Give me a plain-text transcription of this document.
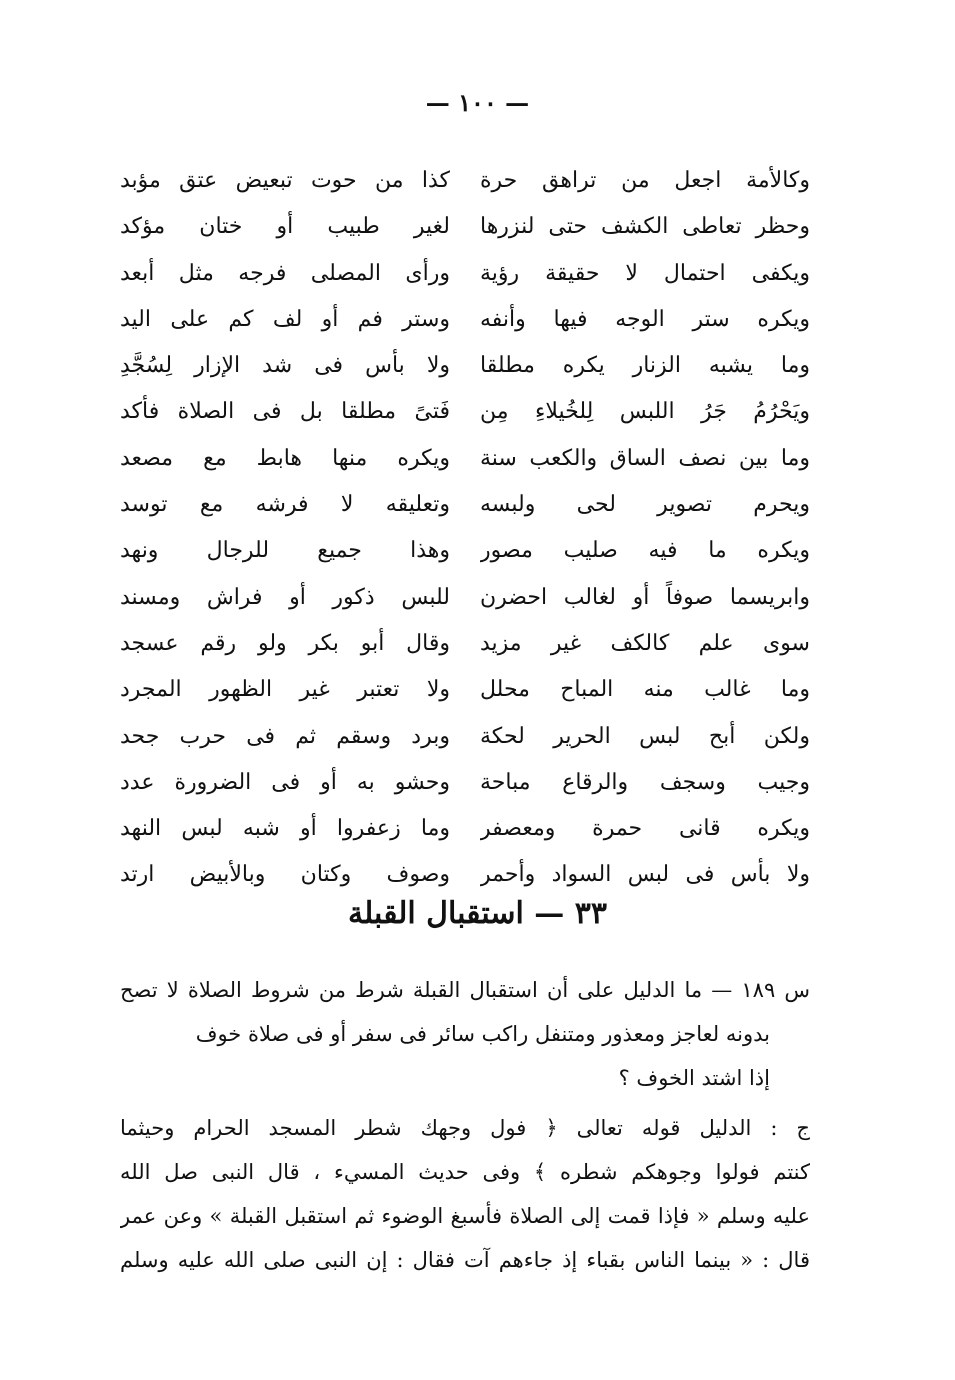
— ١٠٠ —
وكالأمة اجعل من تراهق حرة
كذا من حوت تبعيض عتق مؤبد
وحظر تعاطى الكشف حتى لنزرها
لغير طبيب أو ختان مؤكد
ويكفى احتمال لا حقيقة رؤية
ورأى المصلى فرجه مثل أبعد
ويكره ستر الوجه فيها وأنفه
وستر فم أو لف كم على اليد
وما يشبه الزنار يكره مطلقا
ولا بأس فى شد الإزار لِسُجَّدِ
ويَحْرُمُ جَرُ اللبس لِلخُيلاءِ مِن
فَتىً مطلقا بل فى الصلاة فأكد
وما بين نصف الساق والكعب سنة
ويكره منها هابط مع مصعد
ويحرم تصوير لحى ولبسه
وتعليقه لا فرشه مع توسد
ويكره ما فيه صليب مصور
وهذا جميع للرجال ونهد
وابريسما صوفاً أو لغالب احضرن
للبس ذكور أو فراش ومسند
سوى علم كالكف غير مزيد
وقال أبو بكر ولو رقم عسجد
وما غالب منه المباح محلل
ولا تعتبر غير الظهور المجرد
ولكن أبح لبس الحرير لحكة
وبرد وسقم ثم فى حرب جحد
وجيب وسجف والرقاع مباحة
وحشو به أو فى الضرورة عدد
ويكره قانى حمرة ومعصفر
وما زعفروا أو شبه لبس النهد
ولا بأس فى لبس السواد وأحمر
وصوف وكتان وبالأبيض ارتد
٣٣ — استقبال القبلة
س ١٨٩ — ما الدليل على أن استقبال القبلة شرط من شروط الصلاة لا تصح
بدونه لعاجز ومعذور ومتنفل راكب سائر فى سفر أو فى صلاة خوف
إذا اشتد الخوف ؟
ج : الدليل قوله تعالى ﴿ فول وجهك شطر المسجد الحرام وحيثما
كنتم فولوا وجوهكم شطره ﴾ وفى حديث المسيء ، قال النبى صل الله
عليه وسلم « فإذا قمت إلى الصلاة فأسبغ الوضوء ثم استقبل القبلة » وعن عمر
قال : « بينما الناس بقباء إذ جاءهم آت فقال : إن النبى صلى الله عليه وسلم
